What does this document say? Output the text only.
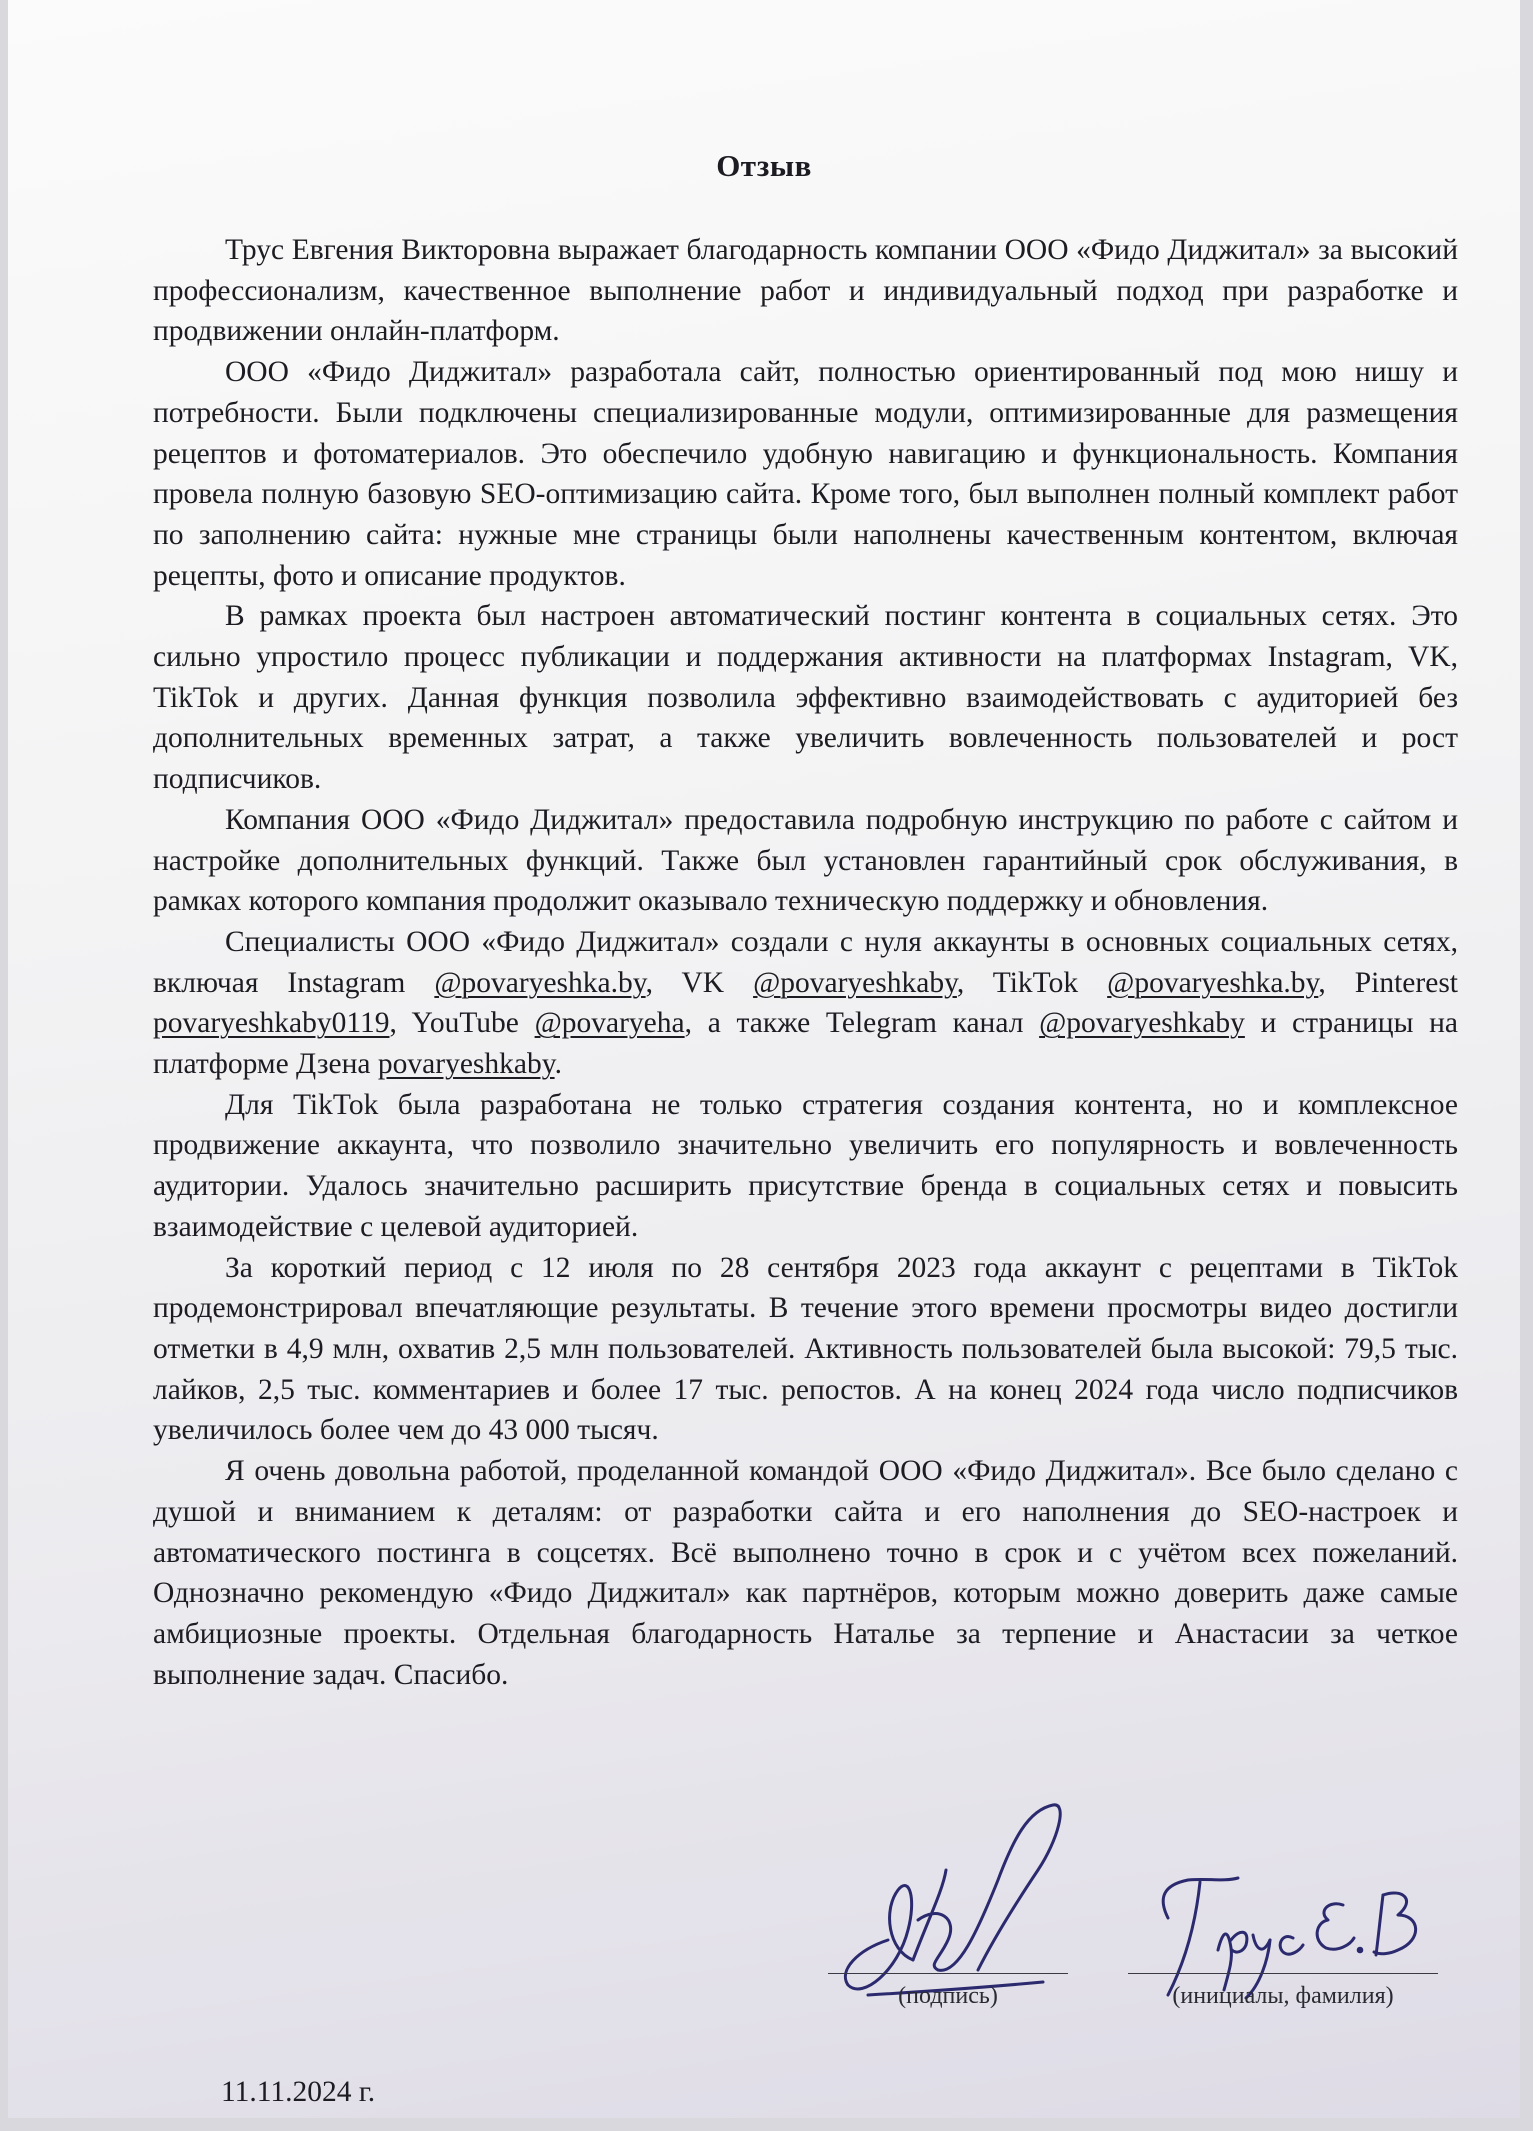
Отзыв

Трус Евгения Викторовна выражает благодарность компании ООО «Фидо Диджитал» за высокий профессионализм, качественное выполнение работ и индивидуальный подход при разработке и продвижении онлайн-платформ.

ООО «Фидо Диджитал» разработала сайт, полностью ориентированный под мою нишу и потребности. Были подключены специализированные модули, оптимизированные для размещения рецептов и фотоматериалов. Это обеспечило удобную навигацию и функциональность. Компания провела полную базовую SEO-оптимизацию сайта. Кроме того, был выполнен полный комплект работ по заполнению сайта: нужные мне страницы были наполнены качественным контентом, включая рецепты, фото и описание продуктов.

В рамках проекта был настроен автоматический постинг контента в социальных сетях. Это сильно упростило процесс публикации и поддержания активности на платформах Instagram, VK, TikTok и других. Данная функция позволила эффективно взаимодействовать с аудиторией без дополнительных временных затрат, а также увеличить вовлеченность пользователей и рост подписчиков.

Компания ООО «Фидо Диджитал» предоставила подробную инструкцию по работе с сайтом и настройке дополнительных функций. Также был установлен гарантийный срок обслуживания, в рамках которого компания продолжит оказывало техническую поддержку и обновления.

Специалисты ООО «Фидо Диджитал» создали с нуля аккаунты в основных социальных сетях, включая Instagram @povaryeshka.by, VK @povaryeshkaby, TikTok @povaryeshka.by, Pinterest povaryeshkaby0119, YouTube @povaryeha, а также Telegram канал @povaryeshkaby и страницы на платформе Дзена povaryeshkaby.

Для TikTok была разработана не только стратегия создания контента, но и комплексное продвижение аккаунта, что позволило значительно увеличить его популярность и вовлеченность аудитории. Удалось значительно расширить присутствие бренда в социальных сетях и повысить взаимодействие с целевой аудиторией.

За короткий период с 12 июля по 28 сентября 2023 года аккаунт с рецептами в TikTok продемонстрировал впечатляющие результаты. В течение этого времени просмотры видео достигли отметки в 4,9 млн, охватив 2,5 млн пользователей. Активность пользователей была высокой: 79,5 тыс. лайков, 2,5 тыс. комментариев и более 17 тыс. репостов. А на конец 2024 года число подписчиков увеличилось более чем до 43 000 тысяч.

Я очень довольна работой, проделанной командой ООО «Фидо Диджитал». Все было сделано с душой и вниманием к деталям: от разработки сайта и его наполнения до SEO-настроек и автоматического постинга в соцсетях. Всё выполнено точно в срок и с учётом всех пожеланий. Однозначно рекомендую «Фидо Диджитал» как партнёров, которым можно доверить даже самые амбициозные проекты. Отдельная благодарность Наталье за терпение и Анастасии за четкое выполнение задач. Спасибо.

(подпись)	(инициалы, фамилия)
11.11.2024 г.
